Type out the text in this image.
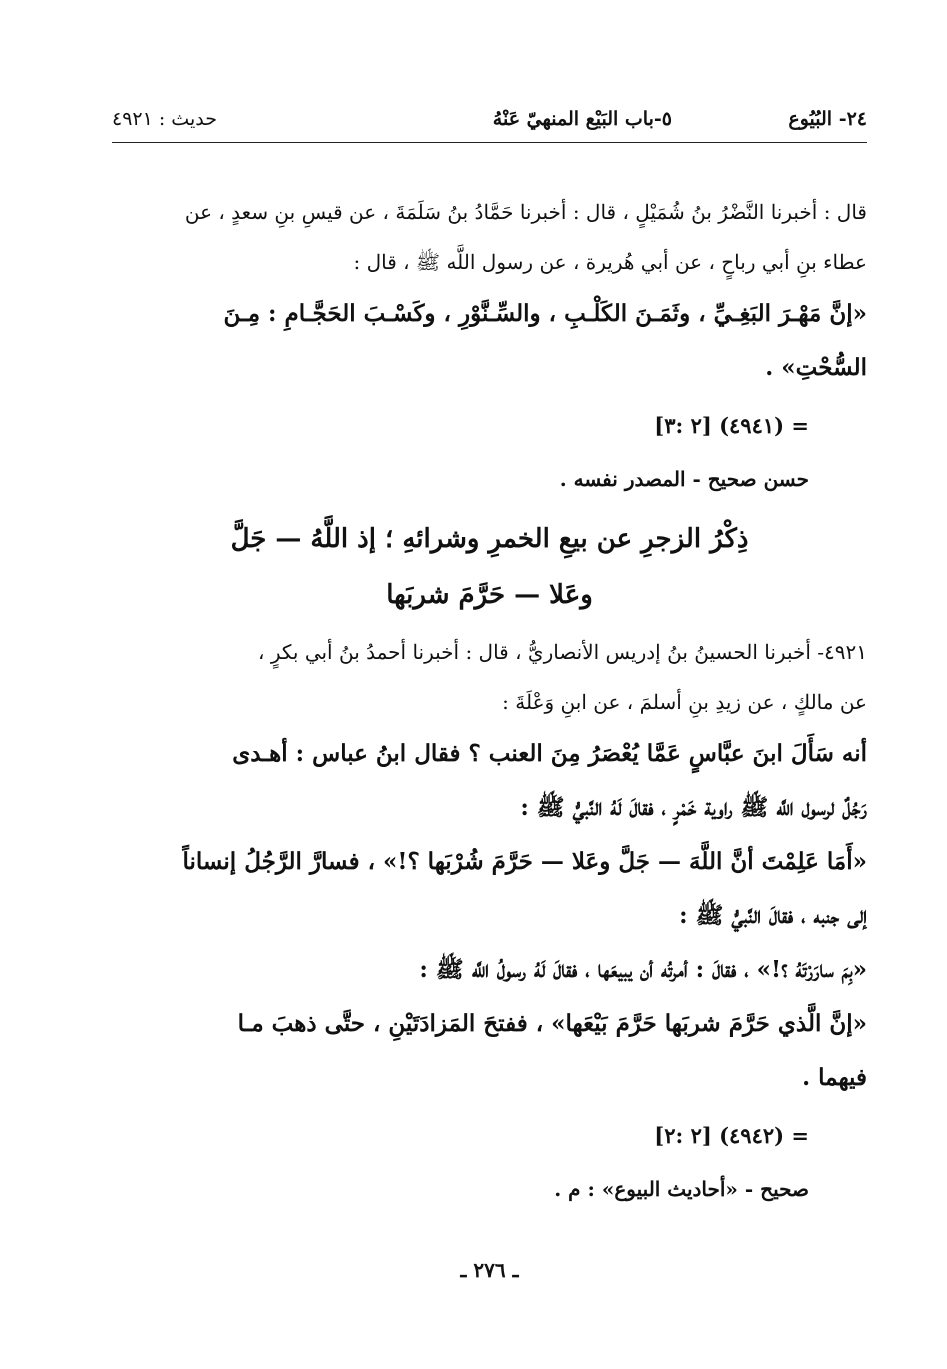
٢٤- البُيُوع
٥-باب البَيْع المنهيّ عَنْهُ
حديث : ٤٩٢١

قال : أخبرنا النَّضْرُ بنُ شُمَيْلٍ ، قال : أخبرنا حَمَّادُ بنُ سَلَمَةَ ، عن قيسِ بنِ سعدٍ ، عن

عطاء بنِ أبي رباحٍ ، عن أبي هُريرة ، عن رسول اللَّه ﷺ ، قال :

«إنَّ مَهْـرَ البَغِـيِّ ، وثَمَـنَ الكَلْـبِ ، والسِّـنَّوْرِ ، وكَسْـبَ الحَجَّـامِ : مِـنَ

السُّحْتِ» .

= (٤٩٤١) [٢ :٣]

حسن صحيح - المصدر نفسه .

ذِكْرُ الزجرِ عن بيعِ الخمرِ وشرائهِ ؛ إذ اللَّهُ — جَلَّ
وعَلا — حَرَّمَ شربَها

٤٩٢١- أخبرنا الحسينُ بنُ إدريس الأنصاريُّ ، قال : أخبرنا أحمدُ بنُ أبي بكرٍ ،

عن مالكٍ ، عن زيدِ بنِ أسلمَ ، عن ابنِ وَعْلَةَ :

أنه سَأَلَ ابنَ عبَّاسٍ عَمَّا يُعْصَرُ مِنَ العنب ؟ فقال ابنُ عباس : أهـدى

رَجُلٌ لرسول اللَّه ﷺ راوية خَمْرٍ ، فقالَ لَهُ النَّبيُّ ﷺ :

«أَمَا عَلِمْتَ أنَّ اللَّهَ — جَلَّ وعَلا — حَرَّمَ شُرْبَها ؟!» ، فسارَّ الرَّجُلُ إنساناً

إلى جنبه ، فقالَ النَّبيُّ ﷺ :

«بِمَ سارَرْتَهُ ؟!» ، فقالَ : أمرتُه أن يبيعَها ، فقالَ لَهُ رسولُ اللَّه ﷺ :

«إنَّ الَّذي حَرَّمَ شربَها حَرَّمَ بَيْعَها» ، ففتحَ المَزادَتَيْنِ ، حتَّى ذهبَ مـا

فيهما .

= (٤٩٤٢) [٢ :٢]

صحيح - «أحاديث البيوع» : م .

ـ ٢٧٦ ـ
